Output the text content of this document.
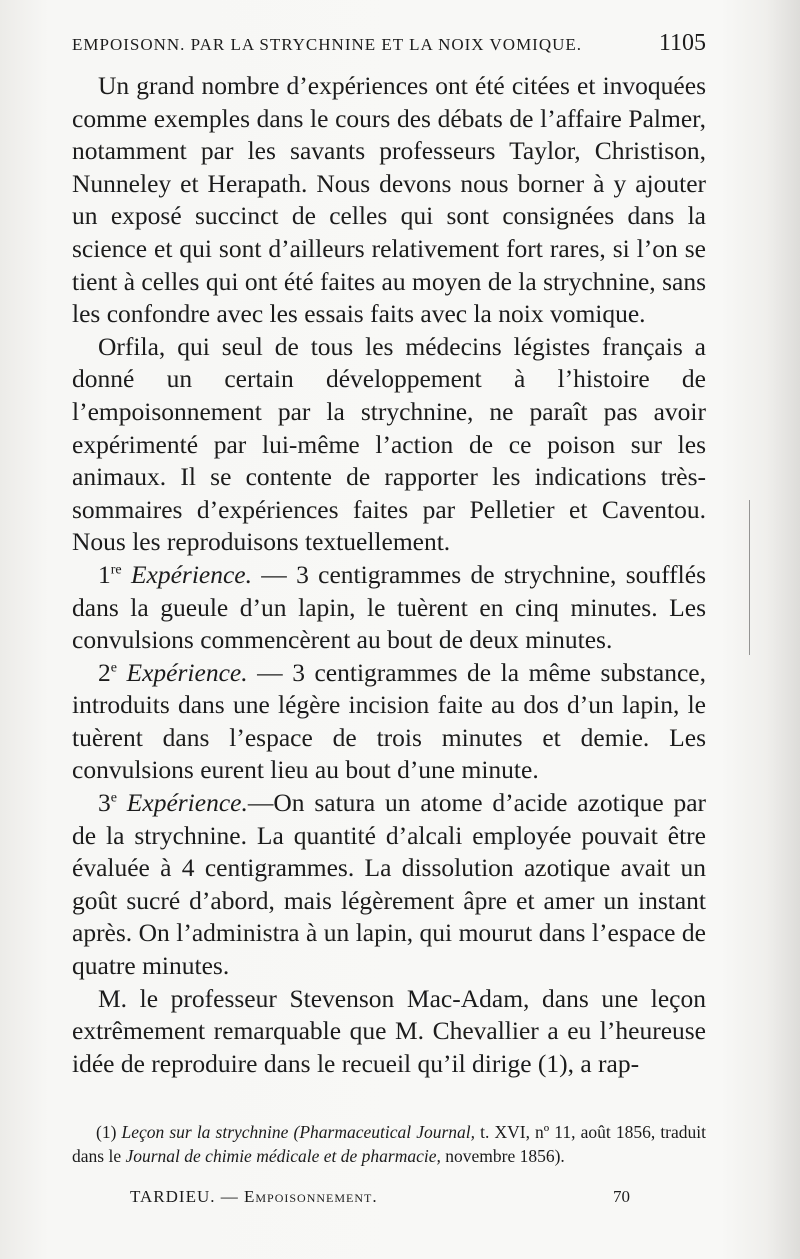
EMPOISONN. PAR LA STRYCHNINE ET LA NOIX VOMIQUE.	1105

Un grand nombre d’expériences ont été citées et invoquées comme exemples dans le cours des débats de l’affaire Palmer, notamment par les savants professeurs Taylor, Christison, Nunneley et Herapath. Nous devons nous borner à y ajouter un exposé succinct de celles qui sont consignées dans la science et qui sont d’ailleurs relativement fort rares, si l’on se tient à celles qui ont été faites au moyen de la strychnine, sans les confondre avec les essais faits avec la noix vomique.

Orfila, qui seul de tous les médecins légistes français a donné un certain développement à l’histoire de l’empoisonnement par la strychnine, ne paraît pas avoir expérimenté par lui-même l’action de ce poison sur les animaux. Il se contente de rapporter les indications très-sommaires d’expériences faites par Pelletier et Caventou. Nous les reproduisons textuellement.

1re Expérience. — 3 centigrammes de strychnine, soufflés dans la gueule d’un lapin, le tuèrent en cinq minutes. Les convulsions commencèrent au bout de deux minutes.

2e Expérience. — 3 centigrammes de la même substance, introduits dans une légère incision faite au dos d’un lapin, le tuèrent dans l’espace de trois minutes et demie. Les convulsions eurent lieu au bout d’une minute.

3e Expérience.—On satura un atome d’acide azotique par de la strychnine. La quantité d’alcali employée pouvait être évaluée à 4 centigrammes. La dissolution azotique avait un goût sucré d’abord, mais légèrement âpre et amer un instant après. On l’administra à un lapin, qui mourut dans l’espace de quatre minutes.

M. le professeur Stevenson Mac-Adam, dans une leçon extrêmement remarquable que M. Chevallier a eu l’heureuse idée de reproduire dans le recueil qu’il dirige (1), a rap-

(1) Leçon sur la strychnine (Pharmaceutical Journal, t. XVI, nº 11, août 1856, traduit dans le Journal de chimie médicale et de pharmacie, novembre 1856).

TARDIEU. — Empoisonnement.	70
